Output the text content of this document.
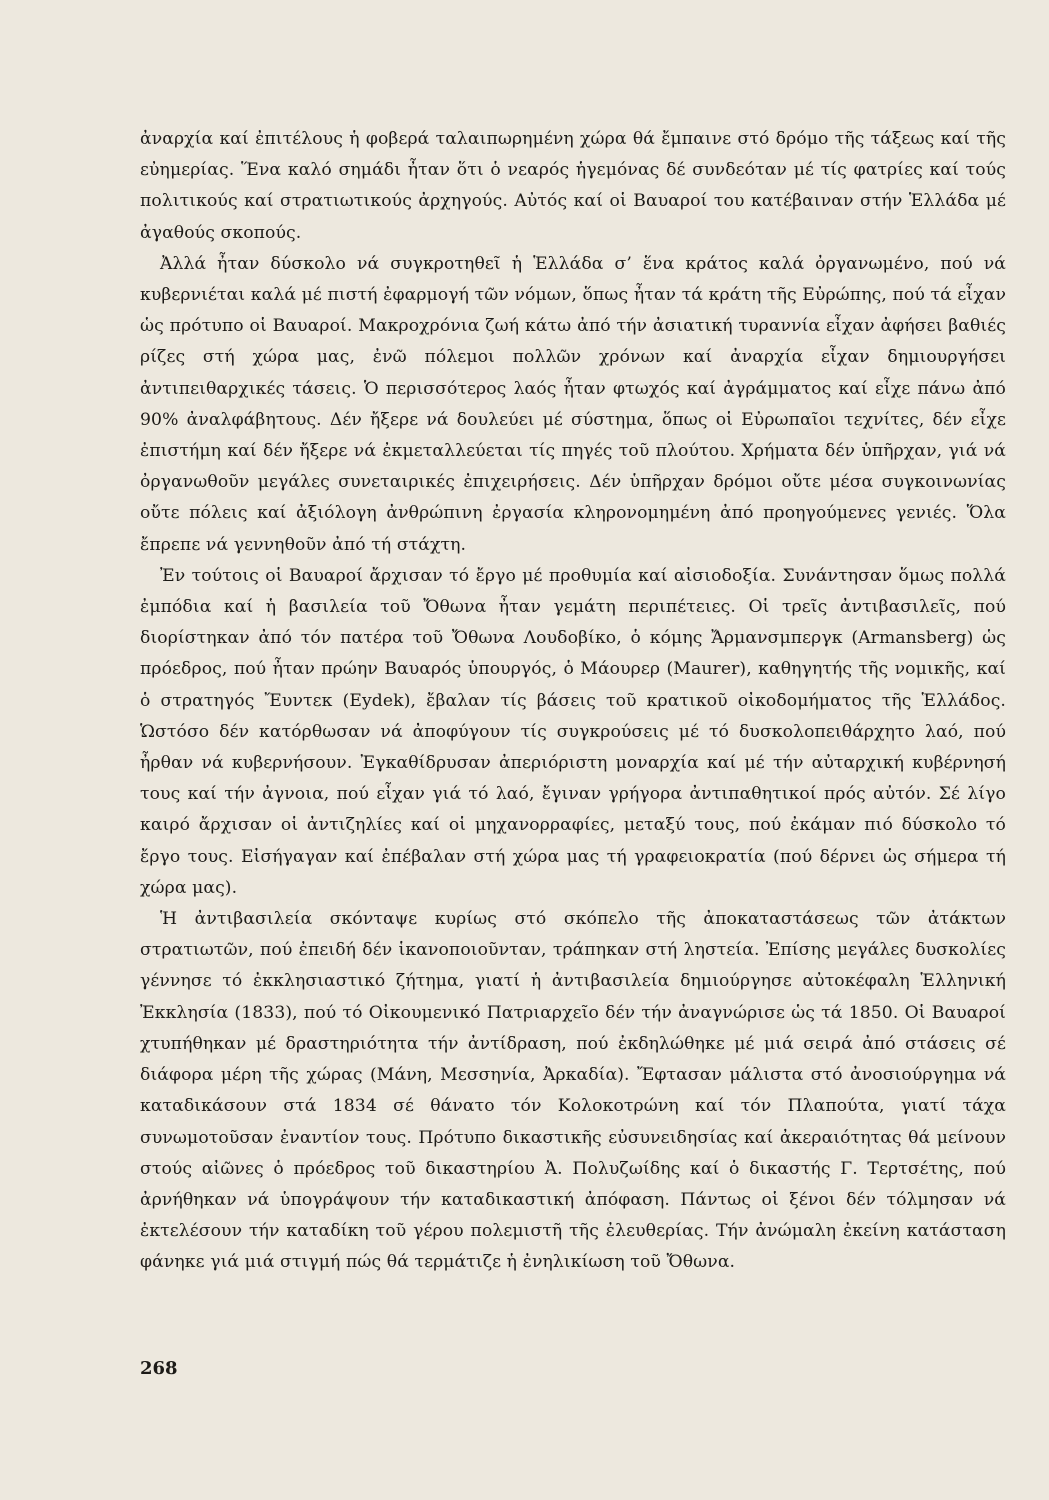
ἀναρχία καί ἐπιτέλους ἡ φοβερά ταλαιπωρημένη χώρα θά ἔμπαινε στό δρόμο τῆς τάξεως καί τῆς εὐημερίας. Ἕνα καλό σημάδι ἦταν ὅτι ὁ νεαρός ἡγεμόνας δέ συνδεόταν μέ τίς φατρίες καί τούς πολιτικούς καί στρατιωτικούς ἀρχηγούς. Αὐτός καί οἱ Βαυαροί του κατέβαιναν στήν Ἑλλάδα μέ ἀγαθούς σκοπούς.

Ἀλλά ἦταν δύσκολο νά συγκροτηθεῖ ἡ Ἑλλάδα σ’ ἕνα κράτος καλά ὀργανωμένο, πού νά κυβερνιέται καλά μέ πιστή ἐφαρμογή τῶν νόμων, ὅπως ἦταν τά κράτη τῆς Εὐρώπης, πού τά εἶχαν ὡς πρότυπο οἱ Βαυαροί. Μακροχρόνια ζωή κάτω ἀπό τήν ἀσιατική τυραννία εἶχαν ἀφήσει βαθιές ρίζες στή χώρα μας, ἐνῶ πόλεμοι πολλῶν χρόνων καί ἀναρχία εἶχαν δημιουργήσει ἀντιπειθαρχικές τάσεις. Ὁ περισσότερος λαός ἦταν φτωχός καί ἀγράμματος καί εἶχε πάνω ἀπό 90% ἀναλφάβητους. Δέν ἤξερε νά δουλεύει μέ σύστημα, ὅπως οἱ Εὐρωπαῖοι τεχνίτες, δέν εἶχε ἐπιστήμη καί δέν ἤξερε νά ἐκμεταλλεύεται τίς πηγές τοῦ πλούτου. Χρήματα δέν ὑπῆρχαν, γιά νά ὀργανωθοῦν μεγάλες συνεταιρικές ἐπιχειρήσεις. Δέν ὑπῆρχαν δρόμοι οὔτε μέσα συγκοινωνίας οὔτε πόλεις καί ἀξιόλογη ἀνθρώπινη ἐργασία κληρονομημένη ἀπό προηγούμενες γενιές. Ὅλα ἔπρεπε νά γεννηθοῦν ἀπό τή στάχτη.

Ἐν τούτοις οἱ Βαυαροί ἄρχισαν τό ἔργο μέ προθυμία καί αἰσιοδοξία. Συνάντησαν ὅμως πολλά ἐμπόδια καί ἡ βασιλεία τοῦ Ὄθωνα ἦταν γεμάτη περιπέτειες. Οἱ τρεῖς ἀντιβασιλεῖς, πού διορίστηκαν ἀπό τόν πατέρα τοῦ Ὄθωνα Λουδοβίκο, ὁ κόμης Ἄρμανσμπεργκ (Armansberg) ὡς πρόεδρος, πού ἦταν πρώην Βαυαρός ὑπουργός, ὁ Μάουρερ (Maurer), καθηγητής τῆς νομικῆς, καί ὁ στρατηγός Ἔυντεκ (Eydek), ἔβαλαν τίς βάσεις τοῦ κρατικοῦ οἰκοδομήματος τῆς Ἑλλάδος. Ὡστόσο δέν κατόρθωσαν νά ἀποφύγουν τίς συγκρούσεις μέ τό δυσκολοπειθάρχητο λαό, πού ἦρθαν νά κυβερνήσουν. Ἐγκαθίδρυσαν ἀπεριόριστη μοναρχία καί μέ τήν αὐταρχική κυβέρνησή τους καί τήν ἀγνοια, πού εἶχαν γιά τό λαό, ἔγιναν γρήγορα ἀντιπαθητικοί πρός αὐτόν. Σέ λίγο καιρό ἄρχισαν οἱ ἀντιζηλίες καί οἱ μηχανορραφίες, μεταξύ τους, πού ἐκάμαν πιό δύσκολο τό ἔργο τους. Εἰσήγαγαν καί ἐπέβαλαν στή χώρα μας τή γραφειοκρατία (πού δέρνει ὡς σήμερα τή χώρα μας).

Ἡ ἀντιβασιλεία σκόνταψε κυρίως στό σκόπελο τῆς ἀποκαταστάσεως τῶν ἀτάκτων στρατιωτῶν, πού ἐπειδή δέν ἱκανοποιοῦνταν, τράπηκαν στή ληστεία. Ἐπίσης μεγάλες δυσκολίες γέννησε τό ἐκκλησιαστικό ζήτημα, γιατί ἡ ἀντιβασιλεία δημιούργησε αὐτοκέφαλη Ἑλληνική Ἐκκλησία (1833), πού τό Οἰκουμενικό Πατριαρχεῖο δέν τήν ἀναγνώρισε ὡς τά 1850. Οἱ Βαυαροί χτυπήθηκαν μέ δραστηριότητα τήν ἀντίδραση, πού ἐκδηλώθηκε μέ μιά σειρά ἀπό στάσεις σέ διάφορα μέρη τῆς χώρας (Μάνη, Μεσσηνία, Ἀρκαδία). Ἔφτασαν μάλιστα στό ἀνοσιούργημα νά καταδικάσουν στά 1834 σέ θάνατο τόν Κολοκοτρώνη καί τόν Πλαπούτα, γιατί τάχα συνωμοτοῦσαν ἐναντίον τους. Πρότυπο δικαστικῆς εὐσυνειδησίας καί ἀκεραιότητας θά μείνουν στούς αἰῶνες ὁ πρόεδρος τοῦ δικαστηρίου Ἀ. Πολυζωίδης καί ὁ δικαστής Γ. Τερτσέτης, πού ἀρνήθηκαν νά ὑπογράψουν τήν καταδικαστική ἀπόφαση. Πάντως οἱ ξένοι δέν τόλμησαν νά ἐκτελέσουν τήν καταδίκη τοῦ γέρου πολεμιστῆ τῆς ἐλευθερίας. Τήν ἀνώμαλη ἐκείνη κατάσταση φάνηκε γιά μιά στιγμή πώς θά τερμάτιζε ἡ ἐνηλικίωση τοῦ Ὄθωνα.

268
